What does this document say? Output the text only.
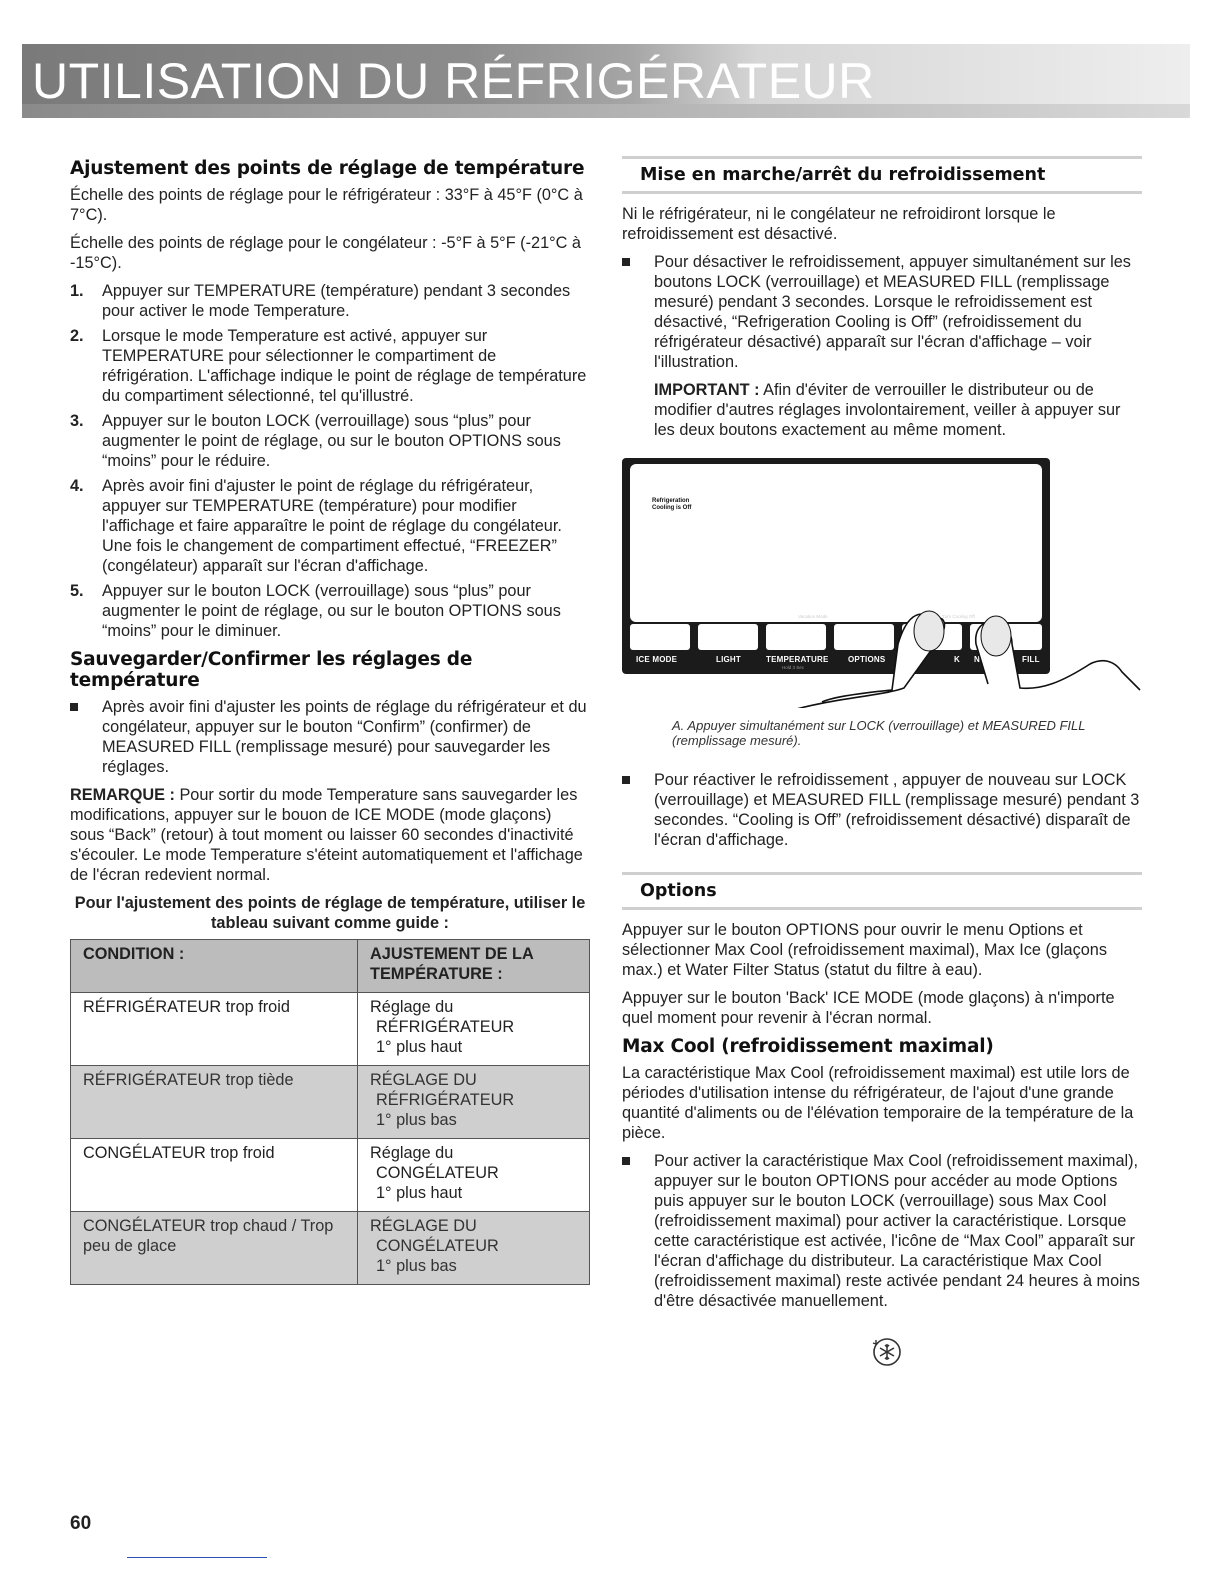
UTILISATION DU RÉFRIGÉRATEUR
Ajustement des points de réglage de température

Échelle des points de réglage pour le réfrigérateur : 33°F à 45°F (0°C à 7°C).

Échelle des points de réglage pour le congélateur : -5°F à 5°F (-21°C à -15°C).

1. Appuyer sur TEMPERATURE (température) pendant 3 secondes pour activer le mode Temperature.
2. Lorsque le mode Temperature est activé, appuyer sur TEMPERATURE pour sélectionner le compartiment de réfrigération. L'affichage indique le point de réglage de température du compartiment sélectionné, tel qu'illustré.
3. Appuyer sur le bouton LOCK (verrouillage) sous “plus” pour augmenter le point de réglage, ou sur le bouton OPTIONS sous “moins” pour le réduire.
4. Après avoir fini d'ajuster le point de réglage du réfrigérateur, appuyer sur TEMPERATURE (température) pour modifier l'affichage et faire apparaître le point de réglage du congélateur. Une fois le changement de compartiment effectué, “FREEZER” (congélateur) apparaît sur l'écran d'affichage.
5. Appuyer sur le bouton LOCK (verrouillage) sous “plus” pour augmenter le point de réglage, ou sur le bouton OPTIONS sous “moins” pour le diminuer.
Sauvegarder/Confirmer les réglages de température
Après avoir fini d'ajuster les points de réglage du réfrigérateur et du congélateur, appuyer sur le bouton “Confirm” (confirmer) de MEASURED FILL (remplissage mesuré) pour sauvegarder les réglages.

REMARQUE : Pour sortir du mode Temperature sans sauvegarder les modifications, appuyer sur le bouon de ICE MODE (mode glaçons) sous “Back” (retour) à tout moment ou laisser 60 secondes d'inactivité s'écouler. Le mode Temperature s'éteint automatiquement et l'affichage de l'écran redevient normal.

Pour l'ajustement des points de réglage de température, utiliser le tableau suivant comme guide :
CONDITION :	AJUSTEMENT DE LA TEMPÉRATURE :
RÉFRIGÉRATEUR trop froid	Réglage du
RÉFRIGÉRATEUR
1° plus haut

RÉFRIGÉRATEUR trop tiède	RÉGLAGE DU
RÉFRIGÉRATEUR
1° plus bas

CONGÉLATEUR trop froid	Réglage du
CONGÉLATEUR
1° plus haut

CONGÉLATEUR trop chaud / Trop peu de glace	RÉGLAGE DU
CONGÉLATEUR
1° plus bas
Mise en marche/arrêt du refroidissement

Ni le réfrigérateur, ni le congélateur ne refroidiront lorsque le refroidissement est désactivé.

Pour désactiver le refroidissement, appuyer simultanément sur les boutons LOCK (verrouillage) et MEASURED FILL (remplissage mesuré) pendant 3 secondes. Lorsque le refroidissement est désactivé, “Refrigeration Cooling is Off” (refroidissement du réfrigérateur désactivé) apparaît sur l'écran d'affichage – voir l'illustration.

IMPORTANT : Afin d'éviter de verrouiller le distributeur ou de modifier d'autres réglages involontairement, veiller à appuyer sur les deux boutons exactement au même moment.

Refrigeration
Cooling is Off
Vacation Mode	Turn Cooling Off
ICE MODE	LIGHT	TEMPERATURE OPTIONS	K N	FILL
Hold 3 Sec
A. Appuyer simultanément sur LOCK (verrouillage) et MEASURED FILL (remplissage mesuré).
Pour réactiver le refroidissement , appuyer de nouveau sur LOCK (verrouillage) et MEASURED FILL (remplissage mesuré) pendant 3 secondes. “Cooling is Off” (refroidissement désactivé) disparaît de l'écran d'affichage.
Options

Appuyer sur le bouton OPTIONS pour ouvrir le menu Options et sélectionner Max Cool (refroidissement maximal), Max Ice (glaçons max.) et Water Filter Status (statut du filtre à eau).

Appuyer sur le bouton 'Back' ICE MODE (mode glaçons) à n'importe quel moment pour revenir à l'écran normal.

Max Cool (refroidissement maximal)

La caractéristique Max Cool (refroidissement maximal) est utile lors de périodes d'utilisation intense du réfrigérateur, de l'ajout d'une grande quantité d'aliments ou de l'élévation temporaire de la température de la pièce.

Pour activer la caractéristique Max Cool (refroidissement maximal), appuyer sur le bouton OPTIONS pour accéder au mode Options puis appuyer sur le bouton LOCK (verrouillage) sous Max Cool (refroidissement maximal) pour activer la caractéristique. Lorsque cette caractéristique est activée, l'icône de “Max Cool” apparaît sur l'écran d'affichage du distributeur. La caractéristique Max Cool (refroidissement maximal) reste activée pendant 24 heures à moins d'être désactivée manuellement.
60
